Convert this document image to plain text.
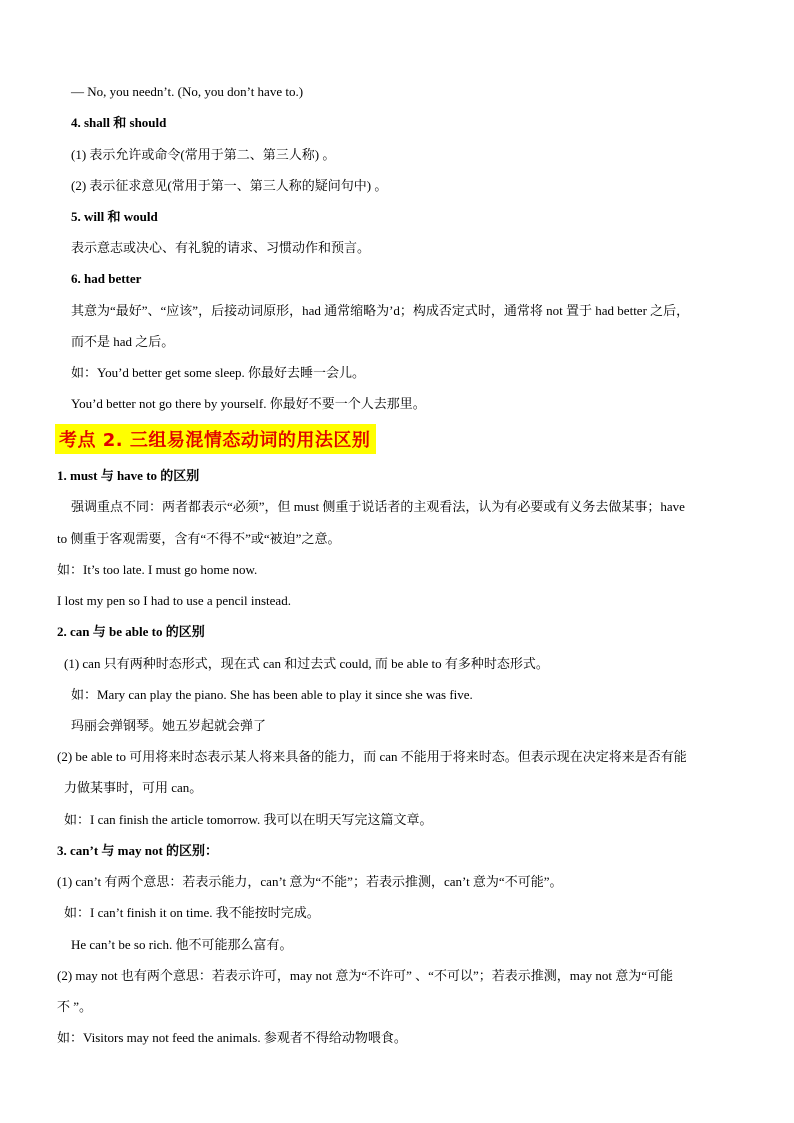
— No, you needn’t. (No, you don’t have to.)
4. shall 和 should
(1) 表示允许或命令(常用于第二、第三人称) 。
(2) 表示征求意见(常用于第一、第三人称的疑问句中) 。
5. will 和 would
表示意志或决心、有礼貌的请求、习惯动作和预言。
6. had better
其意为“最好”、“应该”，后接动词原形，had 通常缩略为’d；构成否定式时，通常将 not 置于 had better 之后，
而不是 had 之后。
如：You’d better get some sleep. 你最好去睡一会儿。
You’d better not go there by yourself. 你最好不要一个人去那里。
考点 2. 三组易混情态动词的用法区别
1. must 与 have to 的区别
强调重点不同：两者都表示“必须”，但 must 侧重于说话者的主观看法，认为有必要或有义务去做某事；have
to 侧重于客观需要，含有“不得不”或“被迫”之意。
如：It’s too late. I must go home now.
I lost my pen so I had to use a pencil instead.
2. can 与 be able to 的区别
(1) can 只有两种时态形式，现在式 can 和过去式 could, 而 be able to 有多种时态形式。
如：Mary can play the piano. She has been able to play it since she was five.
玛丽会弹钢琴。她五岁起就会弹了
(2) be able to 可用将来时态表示某人将来具备的能力，而 can 不能用于将来时态。但表示现在决定将来是否有能
力做某事时，可用 can。
如：I can finish the article tomorrow. 我可以在明天写完这篇文章。
3. can’t 与 may not 的区别：
(1) can’t 有两个意思：若表示能力，can’t 意为“不能”；若表示推测，can’t 意为“不可能”。
如：I can’t finish it on time. 我不能按时完成。
He can’t be so rich. 他不可能那么富有。
(2) may not 也有两个意思：若表示许可，may not 意为“不许可” 、“不可以”；若表示推测，may not 意为“可能
不 ”。
如：Visitors may not feed the animals. 参观者不得给动物喂食。
